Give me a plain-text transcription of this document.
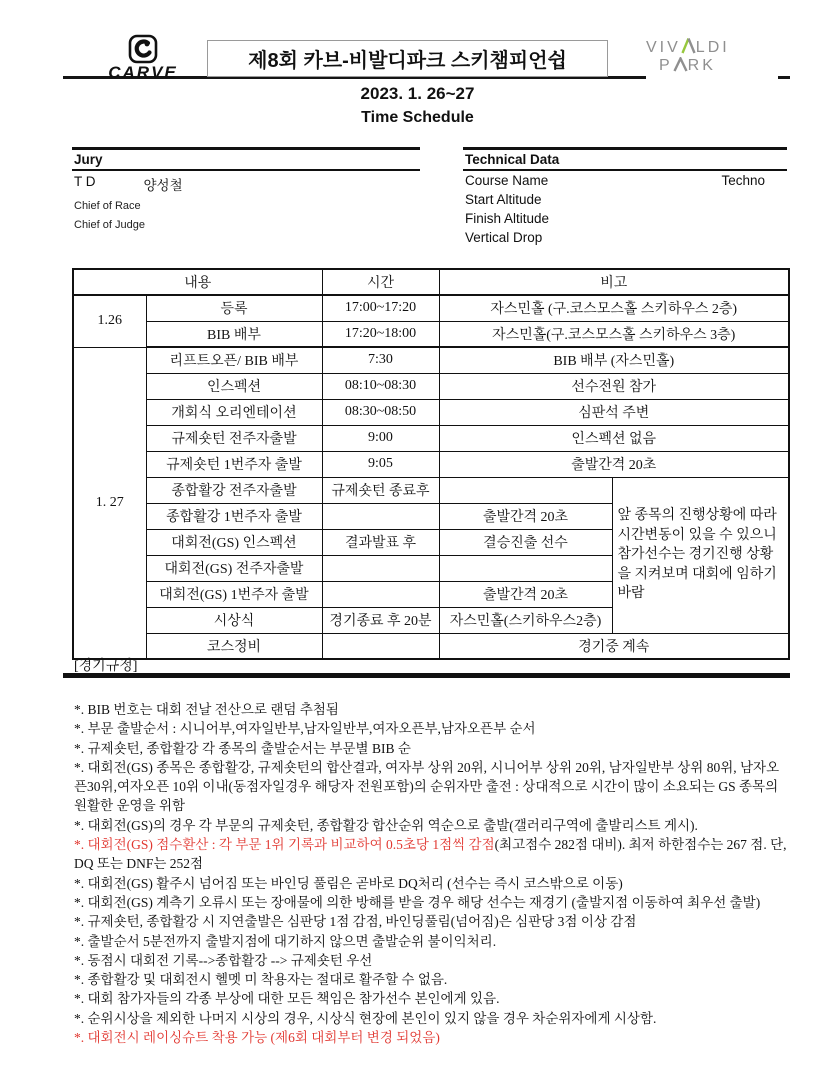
CARVE
제8회 카브-비발디파크 스키챔피언쉽
VIV LDI
P RK
2023. 1. 26~27
Time Schedule
Jury
T D	양성철
Chief of Race
Chief of Judge
Technical Data
Course Name	Techno
Start Altitude
Finish Altitude
Vertical Drop
내용		시간	비고	
1.26	등록	17:00~17:20	자스민홀 (구.코스모스홀 스키하우스 2층)	
	BIB 배부	17:20~18:00	자스민홀(구.코스모스홀 스키하우스 3층)	
1. 27	리프트오픈/ BIB 배부	7:30	BIB 배부 (자스민홀)	
	인스펙션	08:10~08:30	선수전원 참가	
	개회식 오리엔테이션	08:30~08:50	심판석 주변	
	규제숏턴 전주자출발	9:00	인스펙션 없음	
	규제숏턴 1번주자 출발	9:05	출발간격 20초	
	종합활강 전주자출발	규제숏턴 종료후		앞 종목의 진행상황에 따라 시간변동이 있을 수 있으니 참가선수는 경기진행 상황을 지켜보며 대회에 임하기 바람
	종합활강 1번주자 출발		출발간격 20초	
	대회전(GS) 인스펙션	결과발표 후	결승진출 선수	
	대회전(GS) 전주자출발			
	대회전(GS) 1번주자 출발		출발간격 20초	
	시상식	경기종료 후 20분	자스민홀(스키하우스2층)	
	코스정비		경기중 계속	
[경기규정]
*. BIB 번호는 대회 전날 전산으로 랜덤 추첨됨
*. 부문 출발순서 : 시니어부,여자일반부,남자일반부,여자오픈부,남자오픈부 순서
*. 규제숏턴, 종합활강 각 종목의 출발순서는 부문별 BIB 순
*. 대회전(GS) 종목은 종합활강, 규제숏턴의 합산결과, 여자부 상위 20위, 시니어부 상위 20위, 남자일반부 상위 80위, 남자오픈30위,여자오픈 10위 이내(동점자일경우 해당자 전원포함)의 순위자만 출전 : 상대적으로 시간이 많이 소요되는 GS 종목의 원활한 운영을 위함
*. 대회전(GS)의 경우 각 부문의 규제숏턴, 종합활강 합산순위 역순으로 출발(갤러리구역에 출발리스트 게시).
*. 대회전(GS) 점수환산 : 각 부문 1위 기록과 비교하여 0.5초당 1점씩 감점(최고점수 282점 대비). 최저 하한점수는 267 점. 단, DQ 또는 DNF는 252점
*. 대회전(GS) 활주시 넘어짐 또는 바인딩 풀림은 곧바로 DQ처리 (선수는 즉시 코스밖으로 이동)
*. 대회전(GS) 계측기 오류시 또는 장애물에 의한 방해를 받을 경우 해당 선수는 재경기 (출발지점 이동하여 최우선 출발)
*. 규제숏턴, 종합활강 시 지연출발은 심판당 1점 감점, 바인딩풀림(넘어짐)은 심판당 3점 이상 감점
*. 출발순서 5분전까지 출발지점에 대기하지 않으면 출발순위 불이익처리.
*. 동점시 대회전 기록-->종합활강 --> 규제숏턴 우선
*. 종합활강 및 대회전시 헬멧 미 착용자는 절대로 활주할 수 없음.
*. 대회 참가자들의 각종 부상에 대한 모든 책임은 참가선수 본인에게 있음.
*. 순위시상을 제외한 나머지 시상의 경우, 시상식 현장에 본인이 있지 않을 경우 차순위자에게 시상함.
*. 대회전시 레이싱슈트 착용 가능 (제6회 대회부터 변경 되었음)
